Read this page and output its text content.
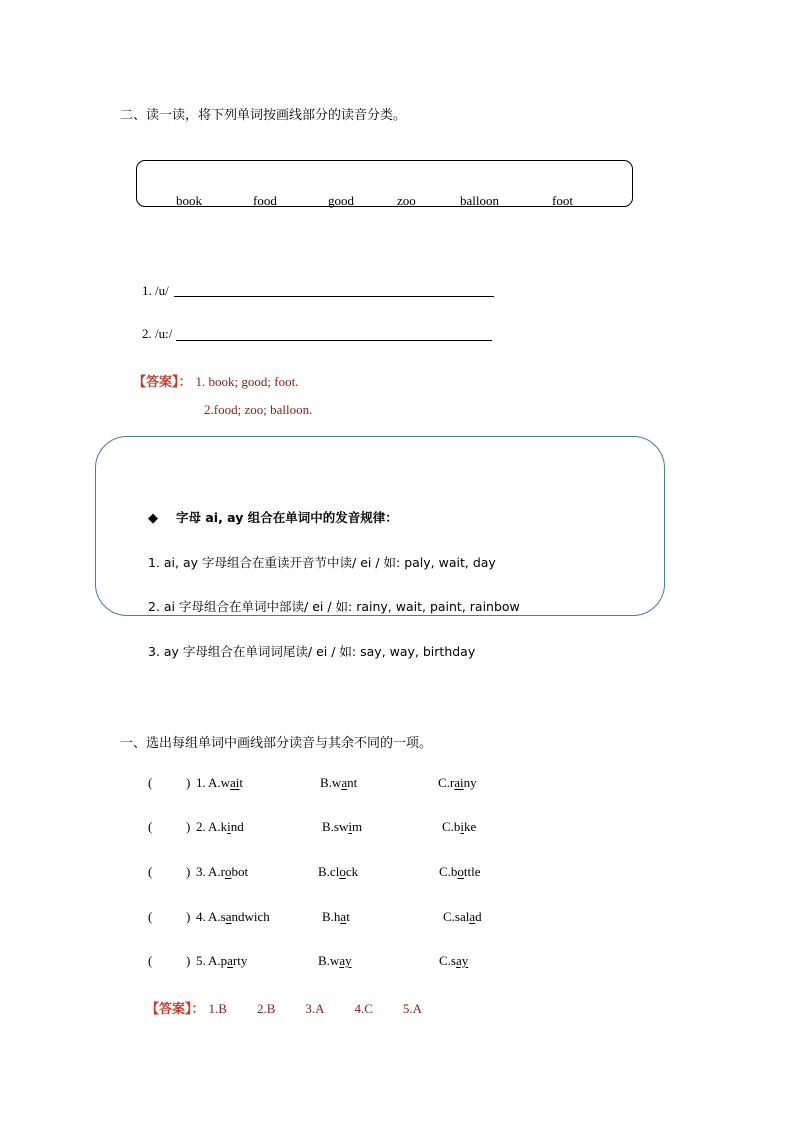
二、读一读，将下列单词按画线部分的读音分类。
book	food	good	zoo	balloon	foot
1. /u/
2. /u:/
【答案】： 1. book; good; foot.
2.food; zoo; balloon.
◆ 字母 ai, ay 组合在单词中的发音规律：
1. ai, ay 字母组合在重读开音节中读/ ei / 如: paly, wait, day
2. ai 字母组合在单词中部读/ ei / 如: rainy, wait, paint, rainbow
3. ay 字母组合在单词词尾读/ ei / 如: say, way, birthday
一、选出每组单词中画线部分读音与其余不同的一项。
(	) 1. A.wait	B.want	C.rainy
(	) 2. A.kind	B.swim	C.bike
(	) 3. A.robot	B.clock	C.bottle
(	) 4. A.sandwich	B.hat	C.salad
(	) 5. A.party	B.way	C.say
【答案】： 1.B 2.B 3.A 4.C 5.A
